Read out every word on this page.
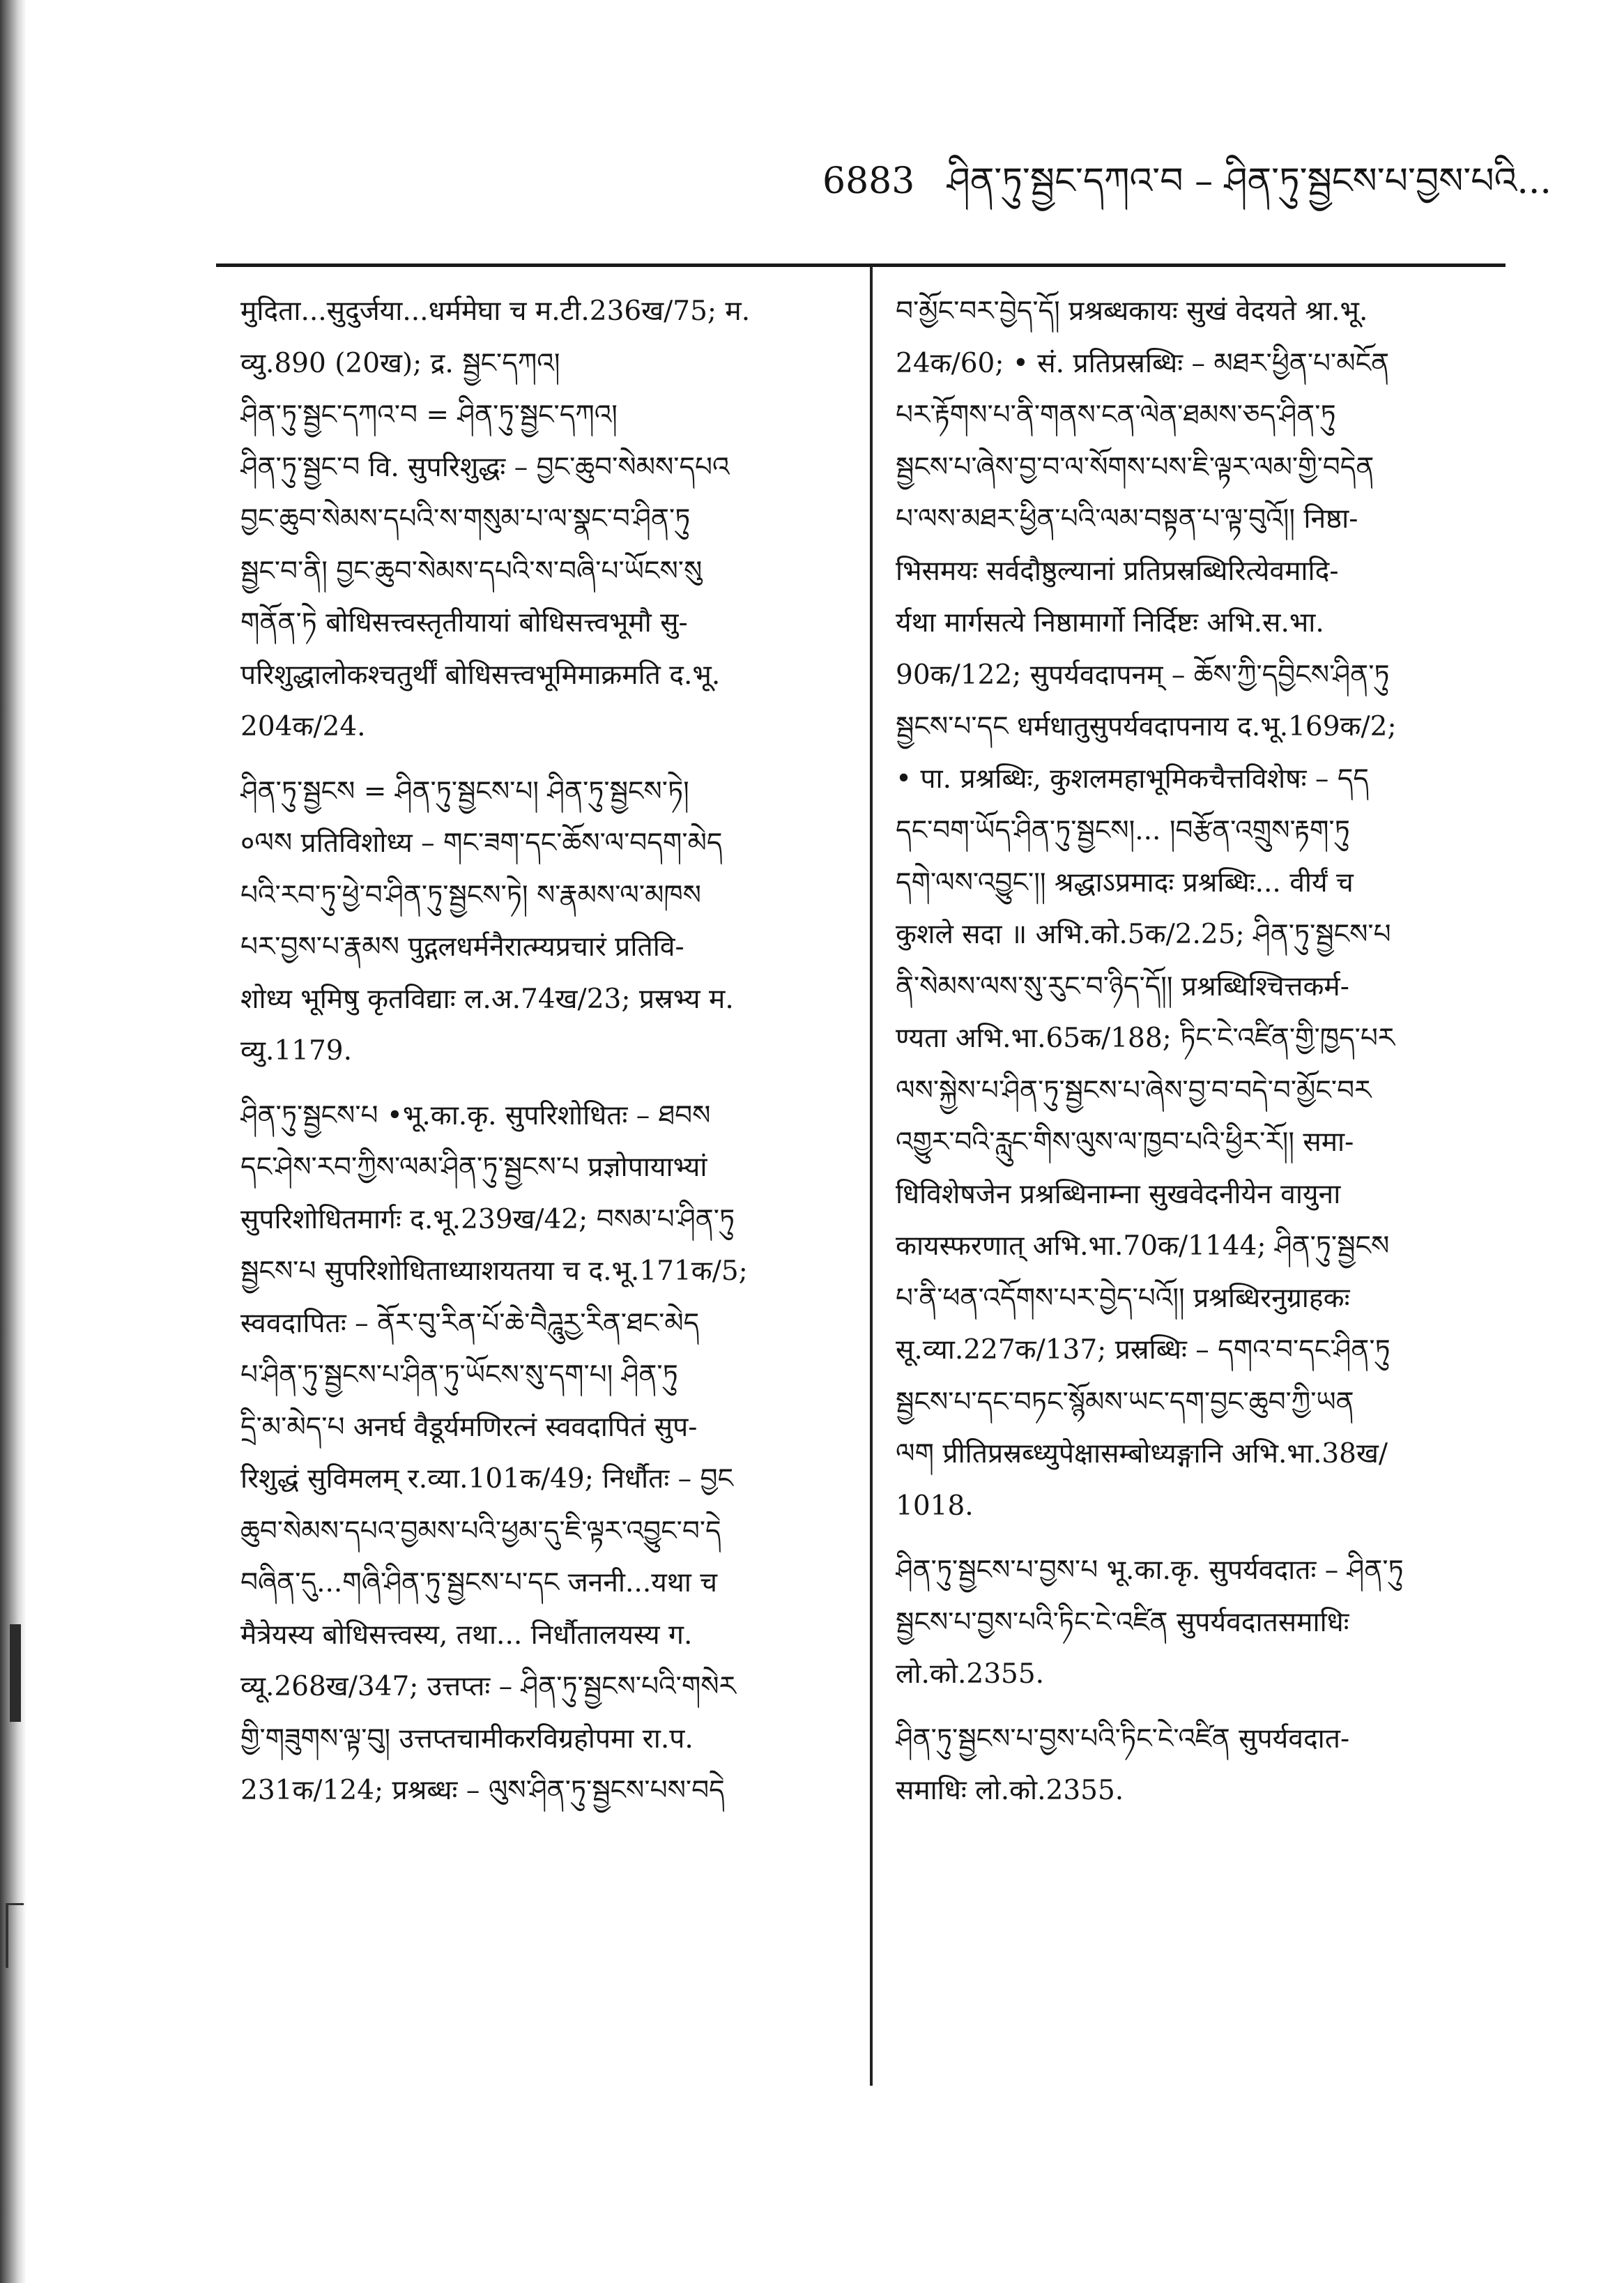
6883 ཤིན་ཏུ་སྦྱང་དཀའ་བ – ཤིན་ཏུ་སྦྱངས་པ་བྱས་པའི...
मुदिता...सुदुर्जया...धर्ममेघा च म.टी.236ख/75; म.
व्यु.890 (20ख); द्र. སྦྱང་དཀའ།
ཤིན་ཏུ་སྦྱང་དཀའ་བ = ཤིན་ཏུ་སྦྱང་དཀའ།
ཤིན་ཏུ་སྦྱང་བ वि. सुपरिशुद्धः – བྱང་ཆུབ་སེམས་དཔའ
བྱང་ཆུབ་སེམས་དཔའི་ས་གསུམ་པ་ལ་སྣང་བ་ཤིན་ཏུ
སྦྱང་བ་ནི། བྱང་ཆུབ་སེམས་དཔའི་ས་བཞི་པ་ཡོངས་སུ
གནོན་ཏེ बोधिसत्त्वस्तृतीयायां बोधिसत्त्वभूमौ सु-
परिशुद्धालोकश्चतुर्थीं बोधिसत्त्वभूमिमाक्रमति द.भू.
204क/24.
ཤིན་ཏུ་སྦྱངས = ཤིན་ཏུ་སྦྱངས་པ། ཤིན་ཏུ་སྦྱངས་ཏེ།
०ལས प्रतिविशोध्य – གང་ཟག་དང་ཆོས་ལ་བདག་མེད
པའི་རབ་ཏུ་ཕྱེ་བ་ཤིན་ཏུ་སྦྱངས་ཏེ། ས་རྣམས་ལ་མཁས
པར་བྱས་པ་རྣམས पुद्गलधर्मनैरात्म्यप्रचारं प्रतिवि-
शोध्य भूमिषु कृतविद्याः ल.अ.74ख/23; प्रस्रभ्य म.
व्यु.1179.
ཤིན་ཏུ་སྦྱངས་པ •भू.का.कृ. सुपरिशोधितः – ཐབས
དང་ཤེས་རབ་ཀྱིས་ལམ་ཤིན་ཏུ་སྦྱངས་པ प्रज्ञोपायाभ्यां
सुपरिशोधितमार्गः द.भू.239ख/42; བསམ་པ་ཤིན་ཏུ
སྦྱངས་པ सुपरिशोधिताध्याशयतया च द.भू.171क/5;
स्ववदापितः – ནོར་བུ་རིན་པོ་ཆེ་བཻཌཱུརྱ་རིན་ཐང་མེད
པ་ཤིན་ཏུ་སྦྱངས་པ་ཤིན་ཏུ་ཡོངས་སུ་དག་པ། ཤིན་ཏུ
དྲི་མ་མེད་པ अनर्घ वैडूर्यमणिरत्नं स्ववदापितं सुप-
रिशुद्धं सुविमलम् र.व्या.101क/49; निर्धौतः – བྱང
ཆུབ་སེམས་དཔའ་བྱམས་པའི་ཕྱམ་དུ་ཇི་ལྟར་འབྱུང་བ་དེ
བཞིན་དུ...གཞི་ཤིན་ཏུ་སྦྱངས་པ་དང जननी...यथा च
मैत्रेयस्य बोधिसत्त्वस्य, तथा... निर्धौतालयस्य ग.
व्यू.268ख/347; उत्तप्तः – ཤིན་ཏུ་སྦྱངས་པའི་གསེར
གྱི་གཟུགས་ལྟ་བུ། उत्तप्तचामीकरविग्रहोपमा रा.प.
231क/124; प्रश्रब्धः – ལུས་ཤིན་ཏུ་སྦྱངས་པས་བདེ
བ་མྱོང་བར་བྱེད་དོ། प्रश्रब्धकायः सुखं वेदयते श्रा.भू.
24क/60; • सं. प्रतिप्रस्रब्धिः – མཐར་ཕྱིན་པ་མངོན
པར་རྟོགས་པ་ནི་གནས་ངན་ལེན་ཐམས་ཅད་ཤིན་ཏུ
སྦྱངས་པ་ཞེས་བྱ་བ་ལ་སོགས་པས་ཇི་ལྟར་ལམ་གྱི་བདེན
པ་ལས་མཐར་ཕྱིན་པའི་ལམ་བསྟན་པ་ལྟ་བུའོ།། निष्ठा-
भिसमयः सर्वदौष्ठुल्यानां प्रतिप्रस्रब्धिरित्येवमादि-
र्यथा मार्गसत्ये निष्ठामार्गो निर्दिष्टः अभि.स.भा.
90क/122; सुपर्यवदापनम् – ཆོས་ཀྱི་དབྱིངས་ཤིན་ཏུ
སྦྱངས་པ་དང धर्मधातुसुपर्यवदापनाय द.भू.169क/2;
• पा. प्रश्रब्धिः, कुशलमहाभूमिकचैत्तविशेषः – དད
དང་བག་ཡོད་ཤིན་ཏུ་སྦྱངས།... །བརྩོན་འགྲུས་རྟག་ཏུ
དགེ་ལས་འབྱུང་།། श्रद्धाऽप्रमादः प्रश्रब्धिः... वीर्यं च
कुशले सदा ॥ अभि.को.5क/2.25; ཤིན་ཏུ་སྦྱངས་པ
ནི་སེམས་ལས་སུ་རུང་བ་ཉིད་དོ།། प्रश्रब्धिश्चित्तकर्म-
ण्यता अभि.भा.65क/188; ཏིང་ངེ་འཛིན་གྱི་ཁྱད་པར
ལས་སྐྱེས་པ་ཤིན་ཏུ་སྦྱངས་པ་ཞེས་བྱ་བ་བདེ་བ་མྱོང་བར
འགྱུར་བའི་རླུང་གིས་ལུས་ལ་ཁྱབ་པའི་ཕྱིར་རོ།། समा-
धिविशेषजेन प्रश्रब्धिनाम्ना सुखवेदनीयेन वायुना
कायस्फरणात् अभि.भा.70क/1144; ཤིན་ཏུ་སྦྱངས
པ་ནི་ཕན་འདོགས་པར་བྱེད་པའོ།། प्रश्रब्धिरनुग्राहकः
सू.व्या.227क/137; प्रस्रब्धिः – དགའ་བ་དང་ཤིན་ཏུ
སྦྱངས་པ་དང་བཏང་སྙོམས་ཡང་དག་བྱང་ཆུབ་ཀྱི་ཡན
ལག प्रीतिप्रस्रब्ध्युपेक्षासम्बोध्यङ्गानि अभि.भा.38ख/
1018.
ཤིན་ཏུ་སྦྱངས་པ་བྱས་པ भू.का.कृ. सुपर्यवदातः – ཤིན་ཏུ
སྦྱངས་པ་བྱས་པའི་ཏིང་ངེ་འཛིན सुपर्यवदातसमाधिः
लो.को.2355.
ཤིན་ཏུ་སྦྱངས་པ་བྱས་པའི་ཏིང་ངེ་འཛིན सुपर्यवदात-
समाधिः लो.को.2355.
